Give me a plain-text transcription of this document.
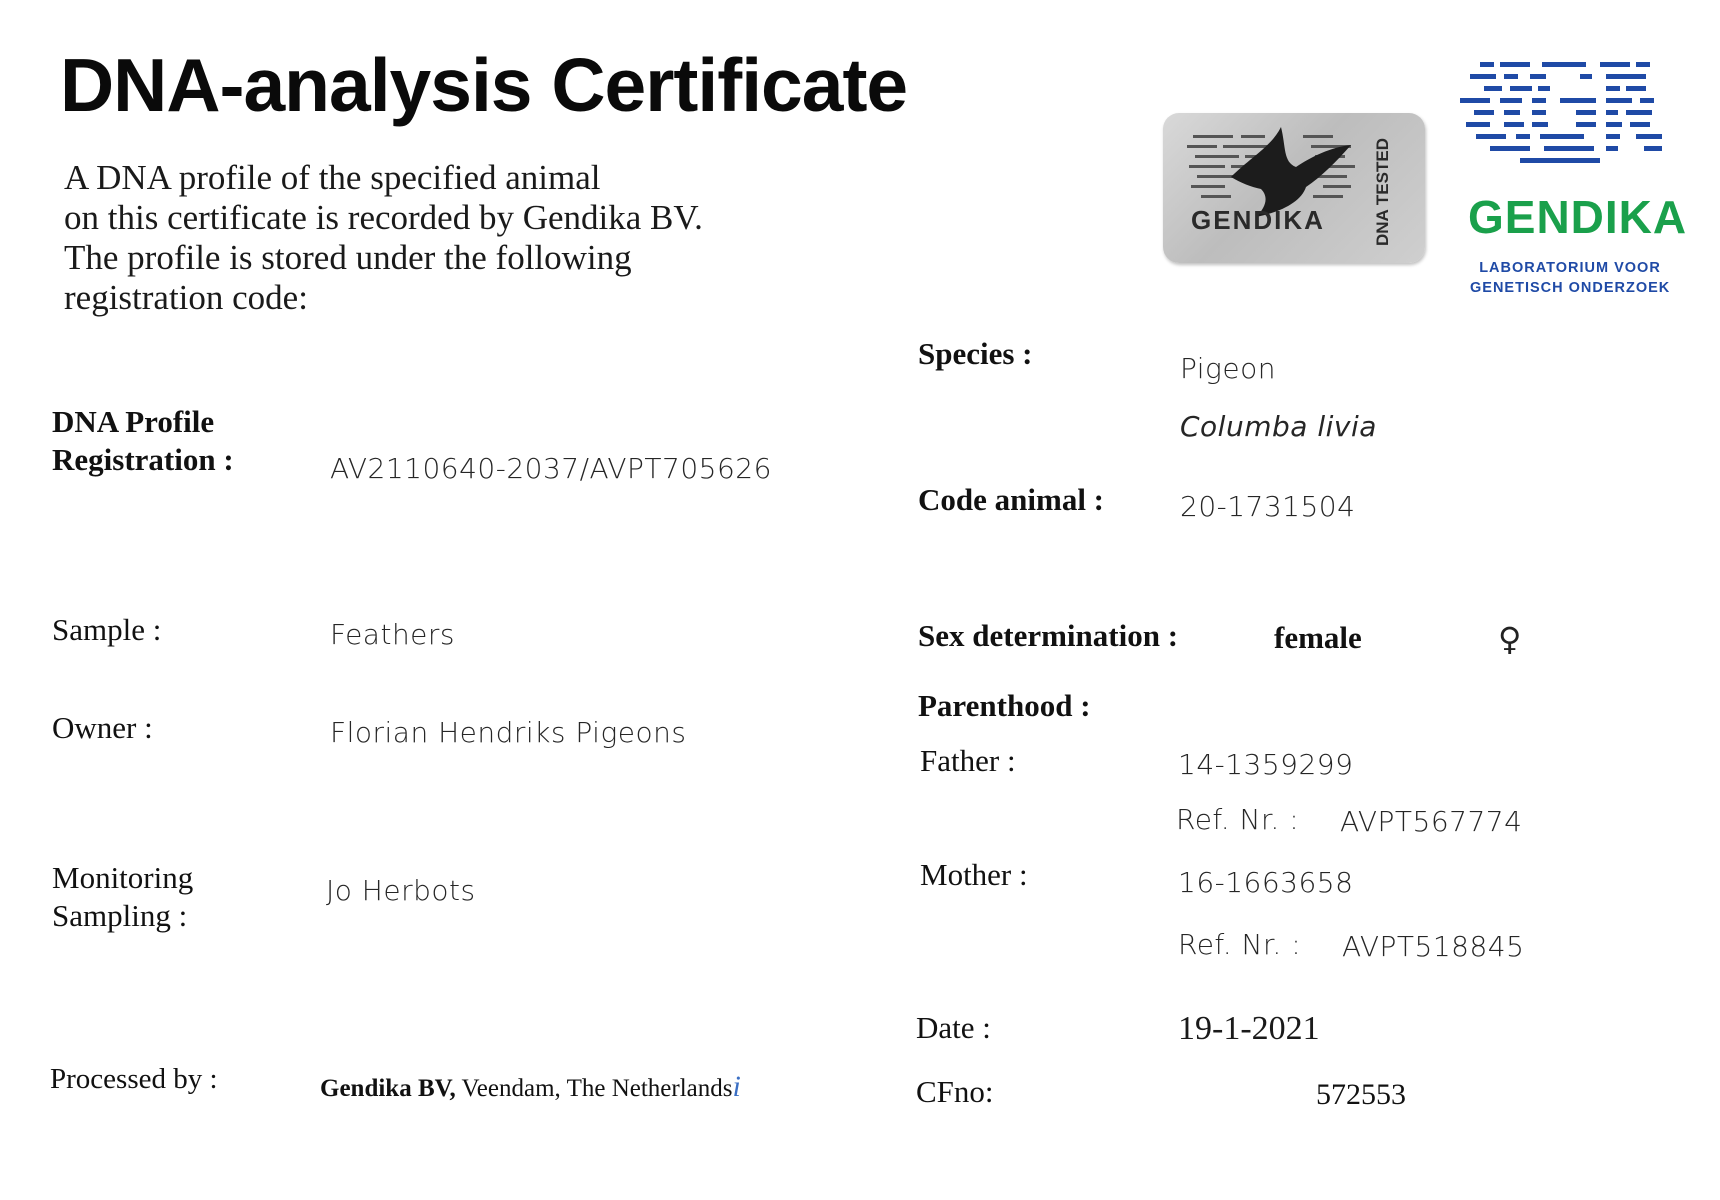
DNA-analysis Certificate
A DNA profile of the specified animal
on this certificate is recorded by Gendika BV.
The profile is stored under the following
registration code:
GENDIKA	DNA TESTED GENDIKA
LABORATORIUM VOOR
GENETISCH ONDERZOEK
DNA Profile
Registration :	AV2110640-2037/AVPT705626
Sample :	Feathers
Owner :	Florian Hendriks Pigeons
Monitoring
Sampling :
Jo Herbots
Processed by :	Gendika BV, Veendam, The Netherlandsi
Species :	Pigeon
Columba livia
Code animal :	20-1731504
Sex determination :	female	♀
Parenthood :
Father :	14-1359299
Ref. Nr. : AVPT567774
Mother :	16-1663658
Ref. Nr. : AVPT518845
Date :	19-1-2021
CFno:	572553
